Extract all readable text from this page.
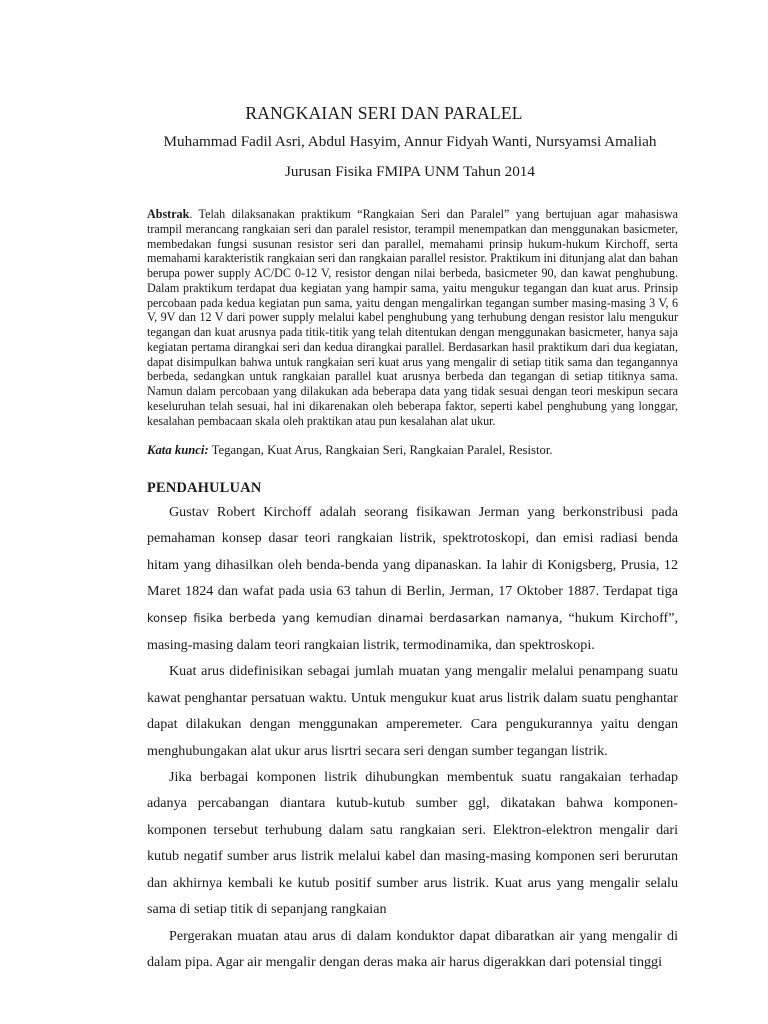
RANGKAIAN SERI DAN PARALEL

Muhammad Fadil Asri, Abdul Hasyim, Annur Fidyah Wanti, Nursyamsi Amaliah

Jurusan Fisika FMIPA UNM Tahun 2014

Abstrak. Telah dilaksanakan praktikum “Rangkaian Seri dan Paralel” yang bertujuan agar mahasiswa trampil merancang rangkaian seri dan paralel resistor, terampil menempatkan dan menggunakan basicmeter, membedakan fungsi susunan resistor seri dan parallel, memahami prinsip hukum-hukum Kirchoff, serta memahami karakteristik rangkaian seri dan rangkaian parallel resistor. Praktikum ini ditunjang alat dan bahan berupa power supply AC/DC 0-12 V, resistor dengan nilai berbeda, basicmeter 90, dan kawat penghubung. Dalam praktikum terdapat dua kegiatan yang hampir sama, yaitu mengukur tegangan dan kuat arus. Prinsip percobaan pada kedua kegiatan pun sama, yaitu dengan mengalirkan tegangan sumber masing-masing 3 V, 6 V, 9V dan 12 V dari power supply melalui kabel penghubung yang terhubung dengan resistor lalu mengukur tegangan dan kuat arusnya pada titik-titik yang telah ditentukan dengan menggunakan basicmeter, hanya saja kegiatan pertama dirangkai seri dan kedua dirangkai parallel. Berdasarkan hasil praktikum dari dua kegiatan, dapat disimpulkan bahwa untuk rangkaian seri kuat arus yang mengalir di setiap titik sama dan tegangannya berbeda, sedangkan untuk rangkaian parallel kuat arusnya berbeda dan tegangan di setiap titiknya sama. Namun dalam percobaan yang dilakukan ada beberapa data yang tidak sesuai dengan teori meskipun secara keseluruhan telah sesuai, hal ini dikarenakan oleh beberapa faktor, seperti kabel penghubung yang longgar, kesalahan pembacaan skala oleh praktikan atau pun kesalahan alat ukur.

Kata kunci: Tegangan, Kuat Arus, Rangkaian Seri, Rangkaian Paralel, Resistor.

PENDAHULUAN

Gustav Robert Kirchoff adalah seorang fisikawan Jerman yang berkonstribusi pada pemahaman konsep dasar teori rangkaian listrik, spektrotoskopi, dan emisi radiasi benda hitam yang dihasilkan oleh benda-benda yang dipanaskan. Ia lahir di Konigsberg, Prusia, 12 Maret 1824 dan wafat pada usia 63 tahun di Berlin, Jerman, 17 Oktober 1887. Terdapat tiga konsep fisika berbeda yang kemudian dinamai berdasarkan namanya, “hukum Kirchoff”, masing-masing dalam teori rangkaian listrik, termodinamika, dan spektroskopi.

Kuat arus didefinisikan sebagai jumlah muatan yang mengalir melalui penampang suatu kawat penghantar persatuan waktu. Untuk mengukur kuat arus listrik dalam suatu penghantar dapat dilakukan dengan menggunakan amperemeter. Cara pengukurannya yaitu dengan menghubungakan alat ukur arus lisrtri secara seri dengan sumber tegangan listrik.

Jika berbagai komponen listrik dihubungkan membentuk suatu rangakaian terhadap adanya percabangan diantara kutub-kutub sumber ggl, dikatakan bahwa komponen-komponen tersebut terhubung dalam satu rangkaian seri. Elektron-elektron mengalir dari kutub negatif sumber arus listrik melalui kabel dan masing-masing komponen seri berurutan dan akhirnya kembali ke kutub positif sumber arus listrik. Kuat arus yang mengalir selalu sama di setiap titik di sepanjang rangkaian

Pergerakan muatan atau arus di dalam konduktor dapat dibaratkan air yang mengalir di dalam pipa. Agar air mengalir dengan deras maka air harus digerakkan dari potensial tinggi
